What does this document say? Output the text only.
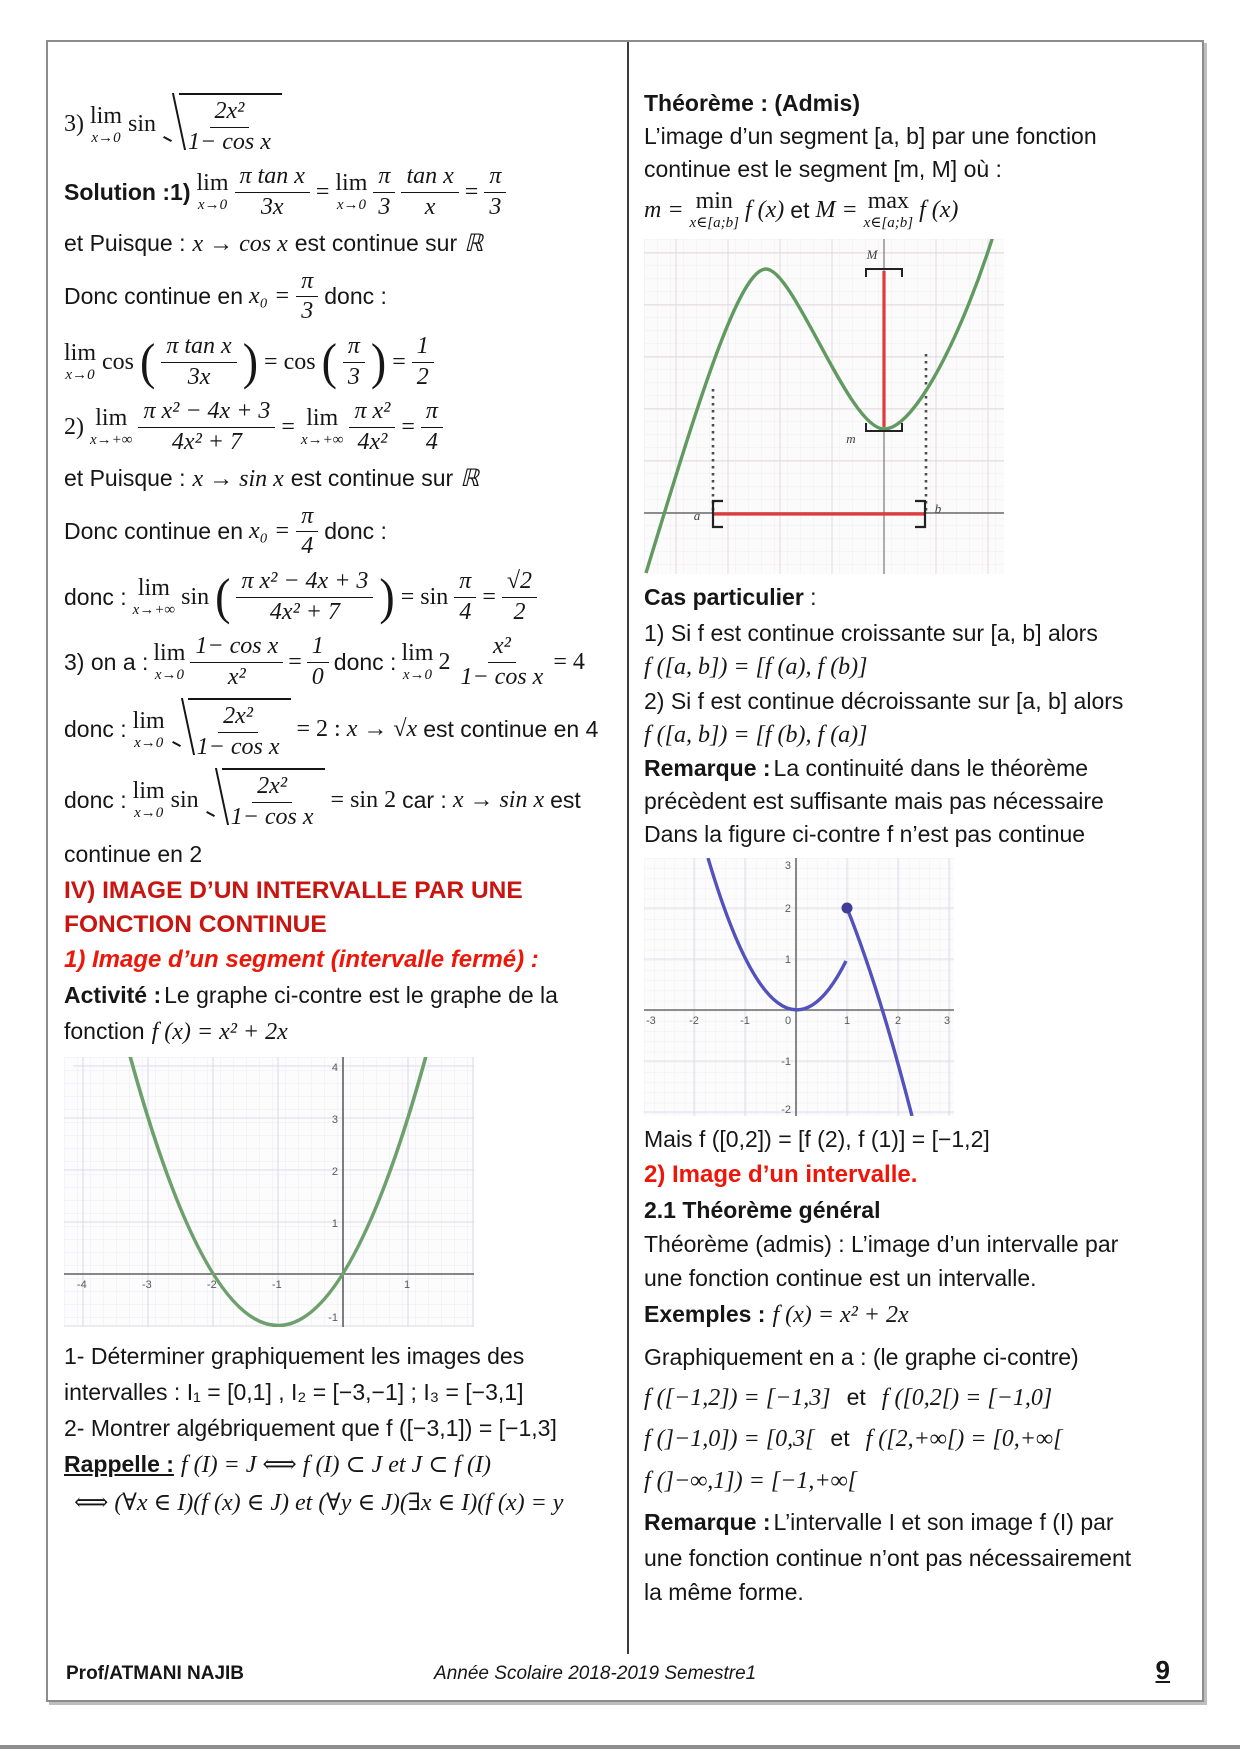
3) lim
x→0
$\sin \frac{\text{2x²}}{\text{1− cos x}}$
Solution :1) lim
$x\to 0 \frac{\text{π tan x}}{3x} = \lim$
$x\to 0 \frac{\pi}{3} \frac{\text{tan x}}{x} = \frac{\pi}{3}$
et Puisque : x → cos x est continue sur ℝ
Donc continue en $x_0 = \frac{\pi}{3}$ donc :
lim
x→0
cos ( $\frac{\text{π tan x}}{3x}$ ) = cos ( $\frac{\pi}{3}$ ) = $\frac{1}{2}$
2) lim
$x\to+\infty \frac{\text{π x² − 4x + 3}}{\text{4x² + 7}} = \lim$
$x\to+\infty \frac{\text{π x²}}{\text{4x²}} = \frac{\pi}{4}$
et Puisque : x → sin x est continue sur ℝ
Donc continue en $x_0 = \frac{\pi}{4}$ donc :
donc : lim
x→+∞
sin ( $\frac{\text{π x² − 4x + 3}}{\text{4x² + 7}}$ ) = $\sin \frac{\pi}{4} = \frac{√2}{2}$
3) on a : lim
$x\to 0 \frac{\text{1− cos x}}{\text{x²}} = \frac{1}{0}$ donc : lim
x→0
$2 \frac{\text{x²}}{\text{1− cos x}} = 4$
donc : lim
$x\to 0 \frac{\text{2x²}}{\text{1− cos x}} = 2$ : x → √x est continue en 4
donc : lim
x→0
$\sin \frac{\text{2x²}}{\text{1− cos x}} = \sin 2$ car : x → sin x est
continue en 2
IV) IMAGE D’UN INTERVALLE PAR UNE
FONCTION CONTINUE
1) Image d’un segment (intervalle fermé) :
Activité : Le graphe ci-contre est le graphe de la
fonction f (x) = x² + 2x
-4	-3	-2	-1	1
4
3
2
1
-1
1- Déterminer graphiquement les images des
intervalles : I₁ = [0,1] , I₂ = [−3,−1] ; I₃ = [−3,1]
2- Montrer algébriquement que f ([−3,1]) = [−1,3]
Rappelle : f (I) = J ⟺ f (I) ⊂ J et J ⊂ f (I)
⟺ (∀x ∈ I)(f (x) ∈ J) et (∀y ∈ J)(∃x ∈ I)(f (x) = y
Théorème : (Admis)
L’image d’un segment [a, b] par une fonction
continue est le segment [m, M] où :
m = min
x∈[a;b]
f (x) et M = max
x∈[a;b]
f (x)
M
m
a	b
Cas particulier :
1) Si f est continue croissante sur [a, b] alors
f ([a, b]) = [f (a), f (b)]
2) Si f est continue décroissante sur [a, b] alors
f ([a, b]) = [f (b), f (a)]
Remarque : La continuité dans le théorème
précèdent est suffisante mais pas nécessaire
Dans la figure ci-contre f n’est pas continue
-3	-2	-1	0	1	2	3
3
2
1
-1
-2
Mais f ([0,2]) = [f (2), f (1)] = [−1,2]
2) Image d’un intervalle.
2.1 Théorème général
Théorème (admis) : L’image d’un intervalle par
une fonction continue est un intervalle.
Exemples : f (x) = x² + 2x
Graphiquement en a : (le graphe ci-contre)
f ([−1,2]) = [−1,3] et f ([0,2[) = [−1,0]
f (]−1,0]) = [0,3[ et f ([2,+∞[) = [0,+∞[
f (]−∞,1]) = [−1,+∞[
Remarque : L’intervalle I et son image f (I) par
une fonction continue n’ont pas nécessairement
la même forme.
Prof/ATMANI NAJIB	Année Scolaire 2018-2019 Semestre1	9
